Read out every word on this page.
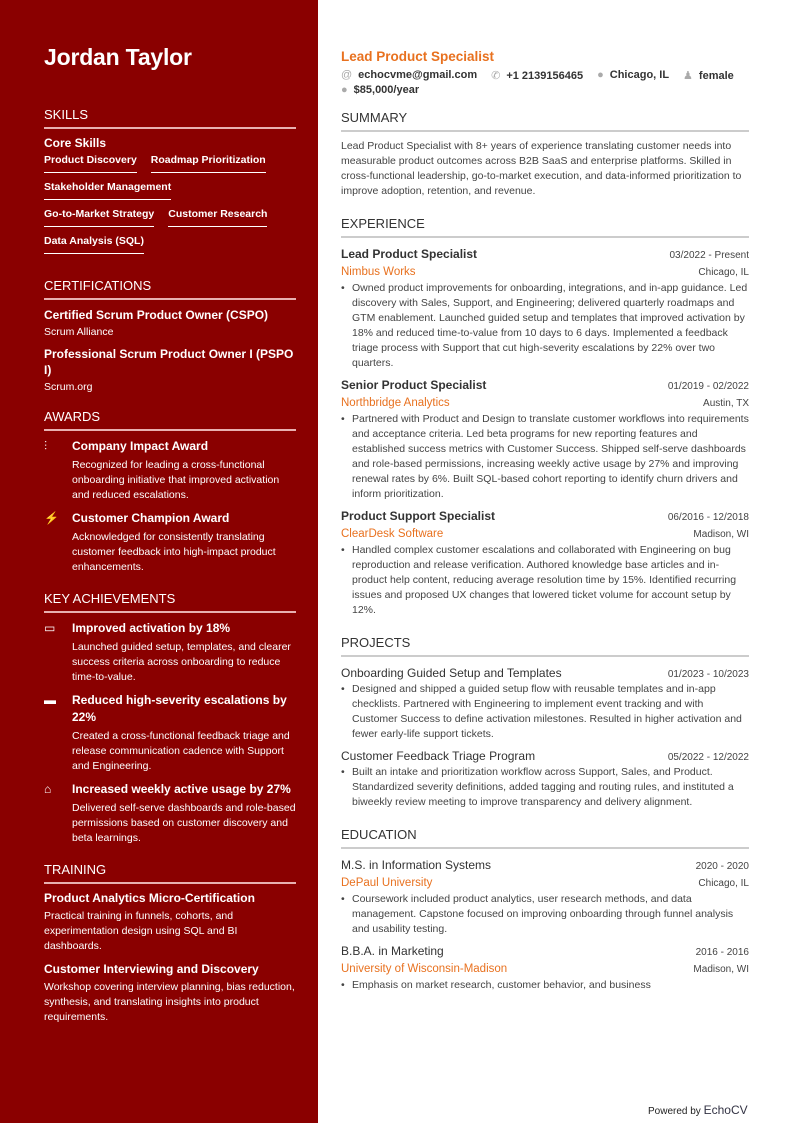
Jordan Taylor
SKILLS
Core Skills
Product Discovery Roadmap Prioritization
Stakeholder Management
Go-to-Market Strategy Customer Research
Data Analysis (SQL)
CERTIFICATIONS
Certified Scrum Product Owner (CSPO)
Scrum Alliance
Professional Scrum Product Owner I (PSPO I)
Scrum.org
AWARDS
⫶	Company Impact Award
Recognized for leading a cross-functional onboarding initiative that improved activation and reduced escalations.
⚡	Customer Champion Award
Acknowledged for consistently translating customer feedback into high-impact product enhancements.
KEY ACHIEVEMENTS
▭	Improved activation by 18%
Launched guided setup, templates, and clearer success criteria across onboarding to reduce time-to-value.
▬	Reduced high-severity escalations by 22%
Created a cross-functional feedback triage and release communication cadence with Support and Engineering.
⌂	Increased weekly active usage by 27%
Delivered self-serve dashboards and role-based permissions based on customer discovery and beta learnings.
TRAINING
Product Analytics Micro-Certification
Practical training in funnels, cohorts, and experimentation design using SQL and BI dashboards.
Customer Interviewing and Discovery
Workshop covering interview planning, bias reduction, synthesis, and translating insights into product requirements.
Lead Product Specialist
@ echocvme@gmail.com ✆ +1 2139156465 ● Chicago, IL ♟ female
● $85,000/year
SUMMARY
Lead Product Specialist with 8+ years of experience translating customer needs into measurable product outcomes across B2B SaaS and enterprise platforms. Skilled in cross-functional leadership, go-to-market execution, and data-informed prioritization to improve adoption, retention, and revenue.
EXPERIENCE
Lead Product Specialist	03/2022 - Present
Nimbus Works	Chicago, IL
• Owned product improvements for onboarding, integrations, and in-app guidance. Led discovery with Sales, Support, and Engineering; delivered quarterly roadmaps and GTM enablement. Launched guided setup and templates that improved activation by 18% and reduced time-to-value from 10 days to 6 days. Implemented a feedback triage process with Support that cut high-severity escalations by 22% over two quarters.
Senior Product Specialist	01/2019 - 02/2022
Northbridge Analytics	Austin, TX
• Partnered with Product and Design to translate customer workflows into requirements and acceptance criteria. Led beta programs for new reporting features and established success metrics with Customer Success. Shipped self-serve dashboards and role-based permissions, increasing weekly active usage by 27% and improving renewal rates by 6%. Built SQL-based cohort reporting to identify churn drivers and inform prioritization.
Product Support Specialist	06/2016 - 12/2018
ClearDesk Software	Madison, WI
• Handled complex customer escalations and collaborated with Engineering on bug reproduction and release verification. Authored knowledge base articles and in-product help content, reducing average resolution time by 15%. Identified recurring issues and proposed UX changes that lowered ticket volume for account setup by 12%.
PROJECTS
Onboarding Guided Setup and Templates	01/2023 - 10/2023
• Designed and shipped a guided setup flow with reusable templates and in-app checklists. Partnered with Engineering to implement event tracking and with Customer Success to define activation milestones. Resulted in higher activation and fewer early-life support tickets.
Customer Feedback Triage Program	05/2022 - 12/2022
• Built an intake and prioritization workflow across Support, Sales, and Product. Standardized severity definitions, added tagging and routing rules, and instituted a biweekly review meeting to improve transparency and delivery alignment.
EDUCATION
M.S. in Information Systems	2020 - 2020
DePaul University	Chicago, IL
• Coursework included product analytics, user research methods, and data management. Capstone focused on improving onboarding through funnel analysis and usability testing.
B.B.A. in Marketing	2016 - 2016
University of Wisconsin-Madison	Madison, WI
• Emphasis on market research, customer behavior, and business
Powered by EchoCV
